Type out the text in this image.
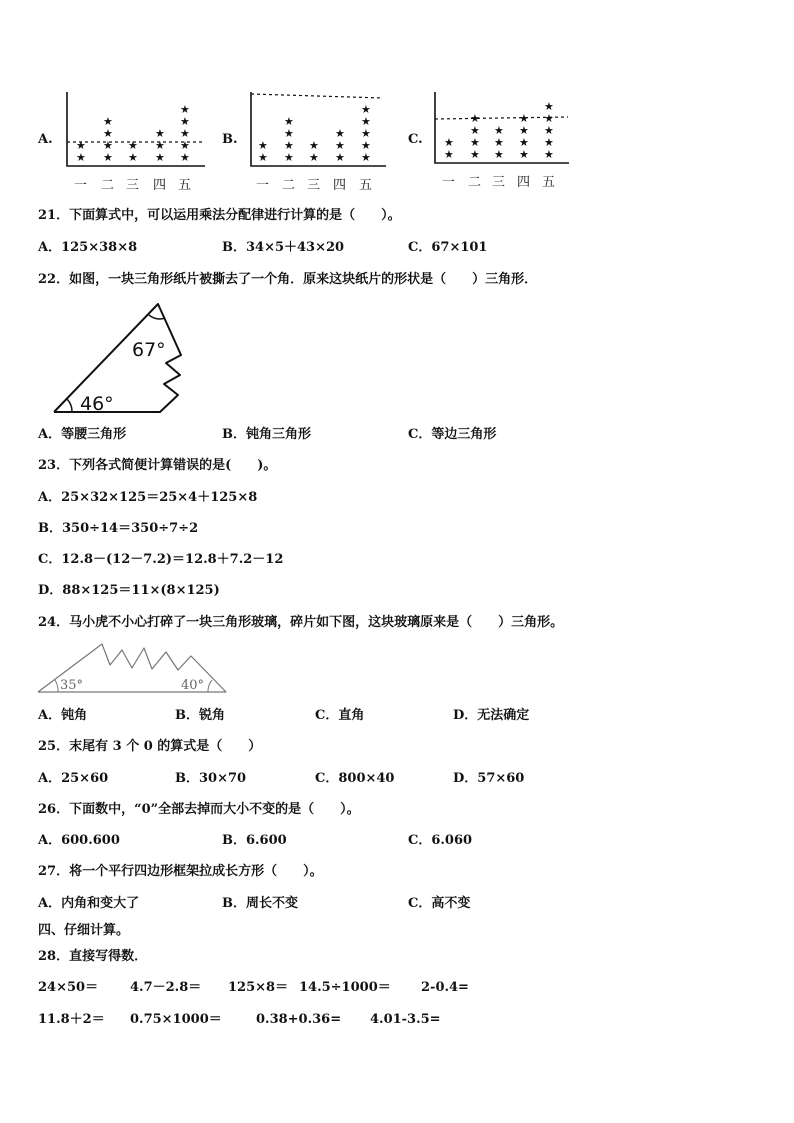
A.
★
★
一
★
★
★
★
二
★
★
三
★
★
★
四
★
★
★
★
★
五
B.
★
★
一
★
★
★
★
二
★
★
三
★
★
★
四
★
★
★
★
★
五
C.
★
★
一
★
★
★
★
二
★
★
★
三
★
★
★
★
四
★
★
★
★
★
五
21．下面算式中，可以运用乘法分配律进行计算的是（　　）。
A．125×38×8	B．34×5＋43×20	C．67×101
22．如图，一块三角形纸片被撕去了一个角．原来这块纸片的形状是（　　）三角形．
67°
46°
A．等腰三角形	B．钝角三角形	C．等边三角形
23．下列各式简便计算错误的是(　　)。
A．25×32×125＝25×4＋125×8
B．350÷14＝350÷7÷2
C．12.8－(12－7.2)＝12.8＋7.2－12
D．88×125＝11×(8×125)
24．马小虎不小心打碎了一块三角形玻璃，碎片如下图，这块玻璃原来是（　　）三角形。
35°	40°
A．钝角	B．锐角	C．直角	D．无法确定
25．末尾有 3 个 0 的算式是（　　）
A．25×60	B．30×70	C．800×40	D．57×60
26．下面数中，“0”全部去掉而大小不变的是（　　）。
A．600.600	B．6.600	C．6.060
27．将一个平行四边形框架拉成长方形（　　）。
A．内角和变大了	B．周长不变	C．高不变
四、仔细计算。
28．直接写得数．
24×50＝ 4.7－2.8＝ 125×8＝ 14.5÷1000＝ 2-0.4=
11.8＋2＝ 0.75×1000＝	0.38+0.36= 4.01-3.5=
